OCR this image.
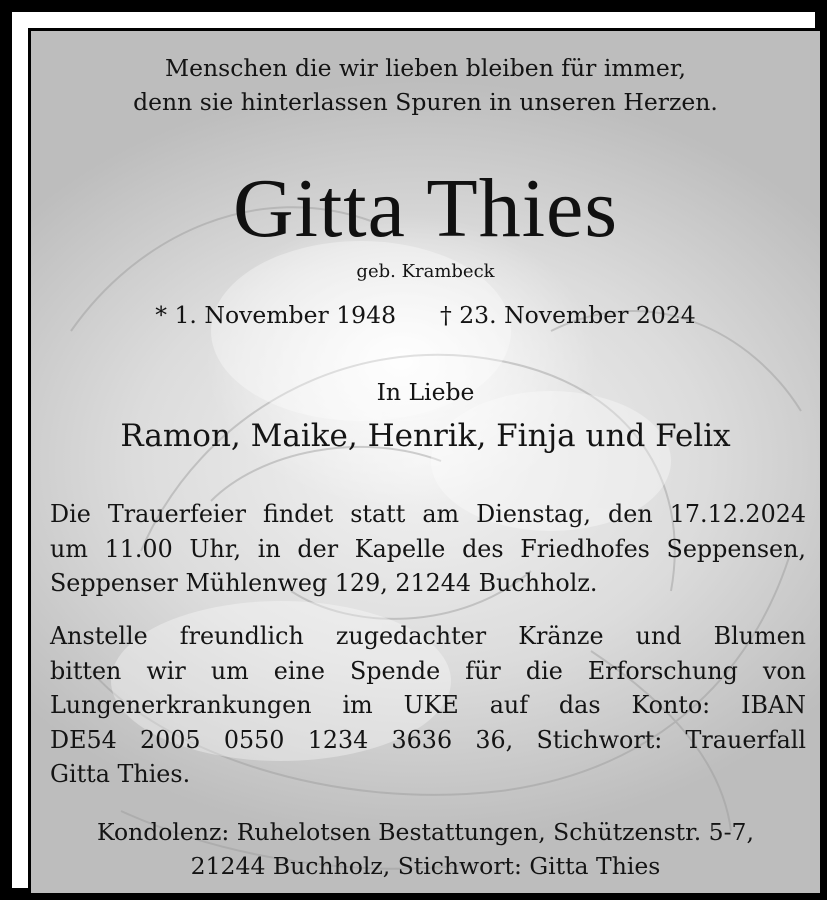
Menschen die wir lieben bleiben für immer,
denn sie hinterlassen Spuren in unseren Herzen.
Gitta Thies
geb. Krambeck
* 1. November 1948 † 23. November 2024
In Liebe
Ramon, Maike, Henrik, Finja und Felix
Die Trauerfeier findet statt am Dienstag, den 17.12.2024
um 11.00 Uhr, in der Kapelle des Friedhofes Seppensen,
Seppenser Mühlenweg 129, 21244 Buchholz.
Anstelle freundlich zugedachter Kränze und Blumen
bitten wir um eine Spende für die Erforschung von
Lungenerkrankungen im UKE auf das Konto: IBAN
DE54 2005 0550 1234 3636 36, Stichwort: Trauerfall
Gitta Thies.
Kondolenz: Ruhelotsen Bestattungen, Schützenstr. 5-7,
21244 Buchholz, Stichwort: Gitta Thies
